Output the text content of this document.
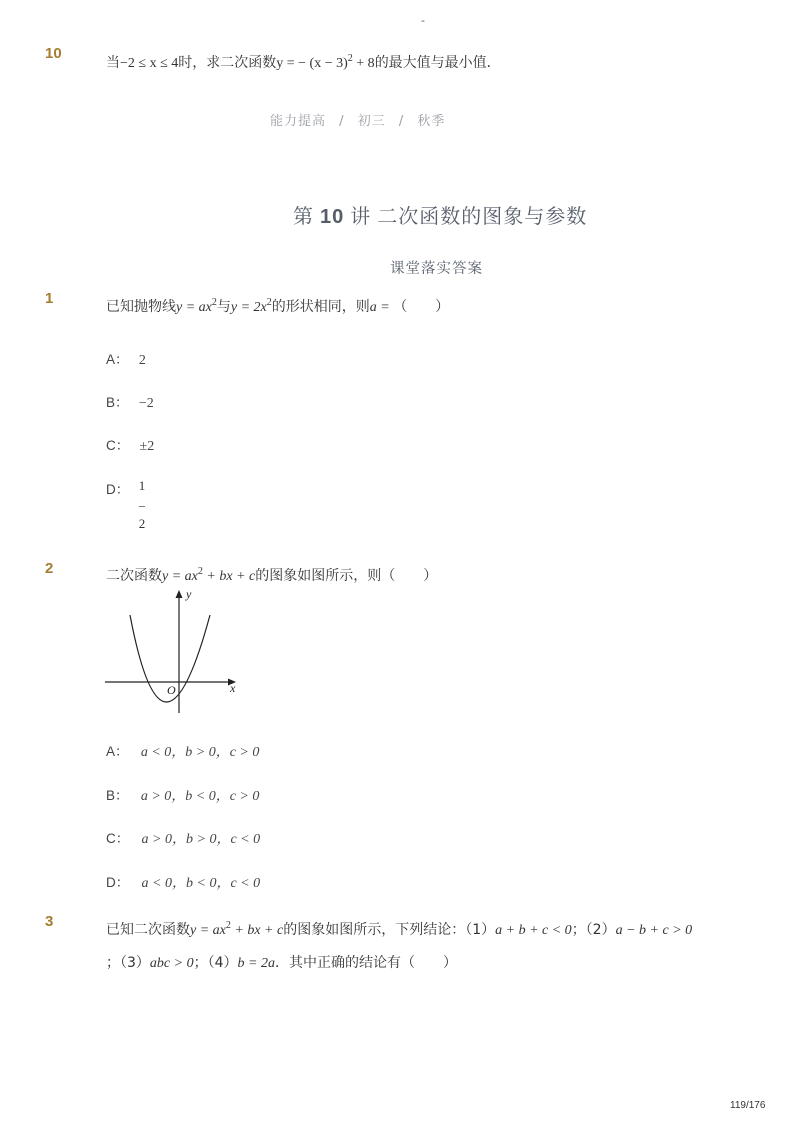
-
10
当−2 ≤ x ≤ 4时，求二次函数y = − $(x - 3)^2 + 8$的最大值与最小值．
能力提高 / 初三 / 秋季
第 10 讲 二次函数的图象与参数
课堂落实答案
1	已知抛物线$y = ax^2$与$y = 2x^2$的形状相同，则a = （　　）
A： 2
B： −2
C： ±2
D： 1
−
2
2	二次函数$y = ax^2$ + bx + c的图象如图所示，则（　　）
y
x
O
A： a < 0，b > 0，c > 0
B： a > 0，b < 0，c > 0
C： a > 0，b > 0，c < 0
D： a < 0，b < 0，c < 0
3	已知二次函数$y = ax^2$ + bx + c的图象如图所示，下列结论：（1）a + b + c < 0；（2）a − b + c > 0
；（3）abc > 0；（4）b = 2a．其中正确的结论有（　　）
119/176
